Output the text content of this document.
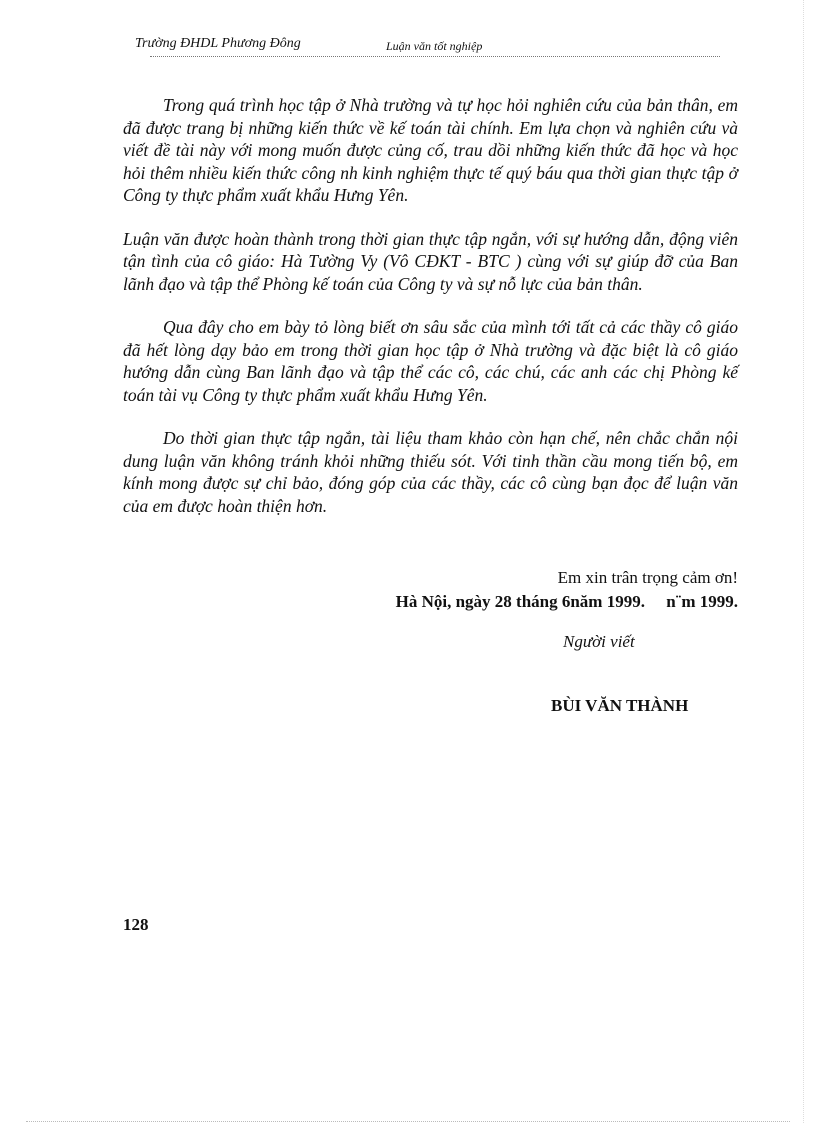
Trường ĐHDL Phương Đông	Luận văn tốt nghiệp

Trong quá trình học tập ở Nhà trường và tự học hỏi nghiên cứu của bản thân, em đã được trang bị những kiến thức về kế toán tài chính. Em lựa chọn và nghiên cứu và viết đề tài này với mong muốn được củng cố, trau dồi những kiến thức đã học và học hỏi thêm nhiều kiến thức công nh kinh nghiệm thực tế quý báu qua thời gian thực tập ở Công ty thực phẩm xuất khẩu Hưng Yên.

Luận văn được hoàn thành trong thời gian thực tập ngắn, với sự hướng dẫn, động viên tận tình của cô giáo: Hà Tường Vy (Vô CĐKT - BTC ) cùng với sự giúp đỡ của Ban lãnh đạo và tập thể Phòng kế toán của Công ty và sự nỗ lực của bản thân.

Qua đây cho em bày tỏ lòng biết ơn sâu sắc của mình tới tất cả các thầy cô giáo đã hết lòng dạy bảo em trong thời gian học tập ở Nhà trường và đặc biệt là cô giáo hướng dẫn cùng Ban lãnh đạo và tập thể các cô, các chú, các anh các chị Phòng kế toán tài vụ Công ty thực phẩm xuất khẩu Hưng Yên.

Do thời gian thực tập ngắn, tài liệu tham khảo còn hạn chế, nên chắc chắn nội dung luận văn không tránh khỏi những thiếu sót. Với tinh thần cầu mong tiến bộ, em kính mong được sự chỉ bảo, đóng góp của các thầy, các cô cùng bạn đọc để luận văn của em được hoàn thiện hơn.

Em xin trân trọng cảm ơn!
Hà Nội, ngày 28 tháng 6năm 1999.     n¨m 1999.
Người viết
BÙI VĂN THÀNH
128
